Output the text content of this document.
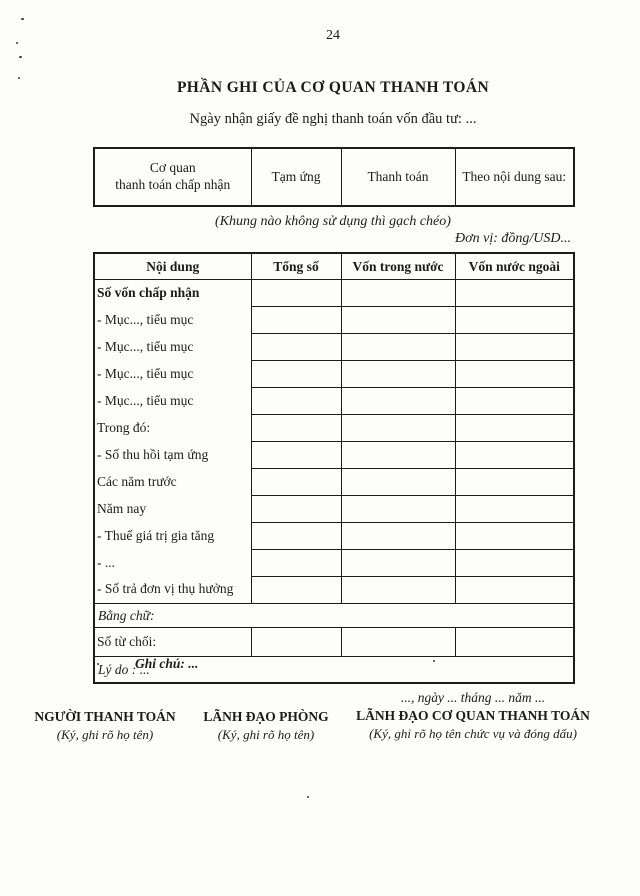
24
PHẦN GHI CỦA CƠ QUAN THANH TOÁN
Ngày nhận giấy đề nghị thanh toán vốn đầu tư: ...
Cơ quan
thanh toán chấp nhận	Tạm ứng	Thanh toán	Theo nội dung sau:
(Khung nào không sử dụng thì gạch chéo)
Đơn vị: đồng/USD...
Nội dung	Tổng số	Vốn trong nước	Vốn nước ngoài
Số vốn chấp nhận			
- Mục..., tiểu mục			
- Mục..., tiểu mục			
- Mục..., tiểu mục			
- Mục..., tiểu mục			
Trong đó:			
- Số thu hồi tạm ứng			
Các năm trước			
Năm nay			
- Thuế giá trị gia tăng			
- ...			
- Số trả đơn vị thụ hưởng			
Bằng chữ:			
Số từ chối:			
Lý do : ...			
Ghi chú: ...
NGƯỜI THANH TOÁN
(Ký, ghi rõ họ tên)
LÃNH ĐẠO PHÒNG
(Ký, ghi rõ họ tên)
..., ngày ... tháng ... năm ...
LÃNH ĐẠO CƠ QUAN THANH TOÁN
(Ký, ghi rõ họ tên chức vụ và đóng dấu)
